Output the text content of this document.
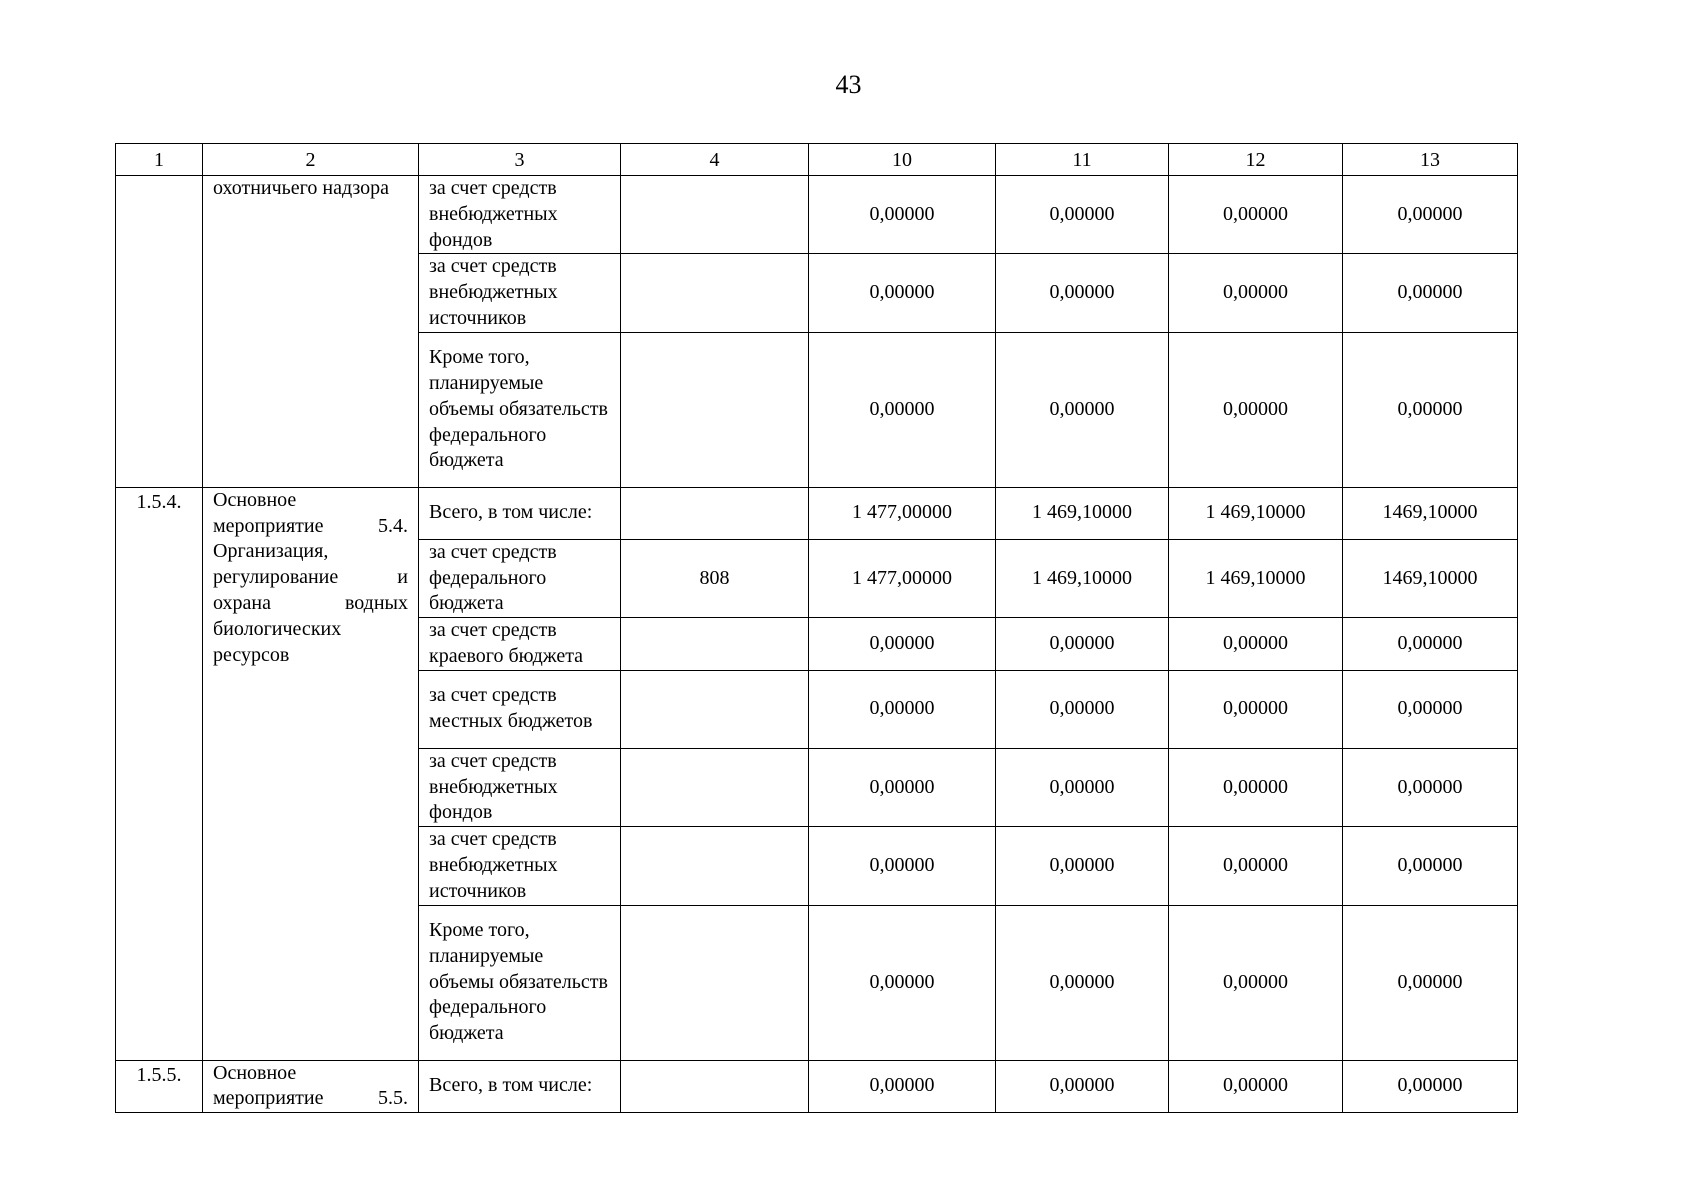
43
1	2	3	4	10	11	12	13
	охотничьего надзора	за счет средств внебюджетных фондов		0,00000	0,00000	0,00000	0,00000
		за счет средств внебюджетных источников		0,00000	0,00000	0,00000	0,00000
		Кроме того, планируемые объемы обязательств федерального бюджета		0,00000	0,00000	0,00000	0,00000
1.5.4.	Основное мероприятие 5.4. Организация, регулирование и охрана водных биологических ресурсов	Всего, в том числе:		1 477,00000	1 469,10000	1 469,10000	1469,10000
		за счет средств федерального бюджета	808	1 477,00000	1 469,10000	1 469,10000	1469,10000
		за счет средств краевого бюджета		0,00000	0,00000	0,00000	0,00000
		за счет средств местных бюджетов		0,00000	0,00000	0,00000	0,00000
		за счет средств внебюджетных фондов		0,00000	0,00000	0,00000	0,00000
		за счет средств внебюджетных источников		0,00000	0,00000	0,00000	0,00000
		Кроме того, планируемые объемы обязательств федерального бюджета		0,00000	0,00000	0,00000	0,00000
1.5.5.	Основное мероприятие 5.5.	Всего, в том числе:		0,00000	0,00000	0,00000	0,00000
